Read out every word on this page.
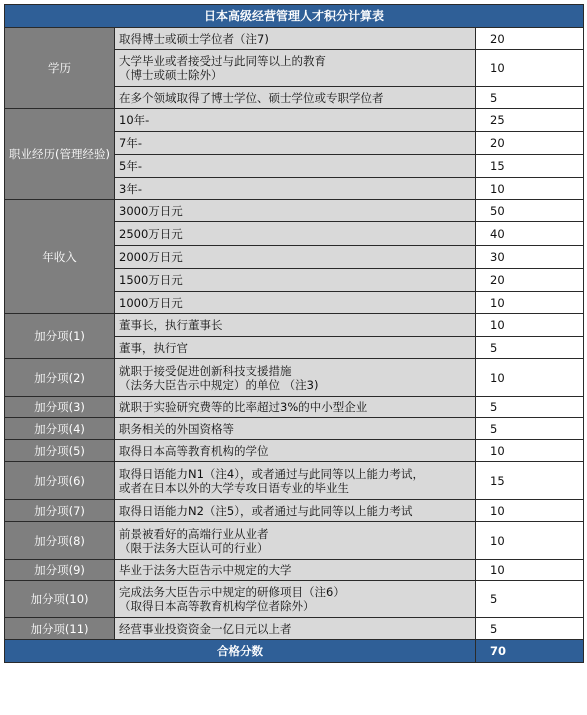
日本高级经营管理人才积分计算表		
学历	取得博士或硕士学位者（注7)	20
	大学毕业或者接受过与此同等以上的教育
（博士或硕士除外）	10
	在多个领域取得了博士学位、硕士学位或专职学位者	5
职业经历(管理经验)	10年-	25
	7年-	20
	5年-	15
	3年-	10
年收入	3000万日元	50
	2500万日元	40
	2000万日元	30
	1500万日元	20
	1000万日元	10
加分项(1)	董事长，执行董事长	10
	董事，执行官	5
加分项(2)	就职于接受促进创新科技支援措施
（法务大臣告示中规定）的单位 （注3)	10
加分项(3)	就职于实验研究费等的比率超过3%的中小型企业	5
加分项(4)	职务相关的外国资格等	5
加分项(5)	取得日本高等教育机构的学位	10
加分项(6)	取得日语能力N1（注4），或者通过与此同等以上能力考试，
或者在日本以外的大学专攻日语专业的毕业生	15
加分项(7)	取得日语能力N2（注5），或者通过与此同等以上能力考试	10
加分项(8)	前景被看好的高端行业从业者
（限于法务大臣认可的行业）	10
加分项(9)	毕业于法务大臣告示中规定的大学	10
加分项(10)	完成法务大臣告示中规定的研修项目（注6）
（取得日本高等教育机构学位者除外）	5
加分项(11)	经营事业投资资金一亿日元以上者	5
合格分数		70
